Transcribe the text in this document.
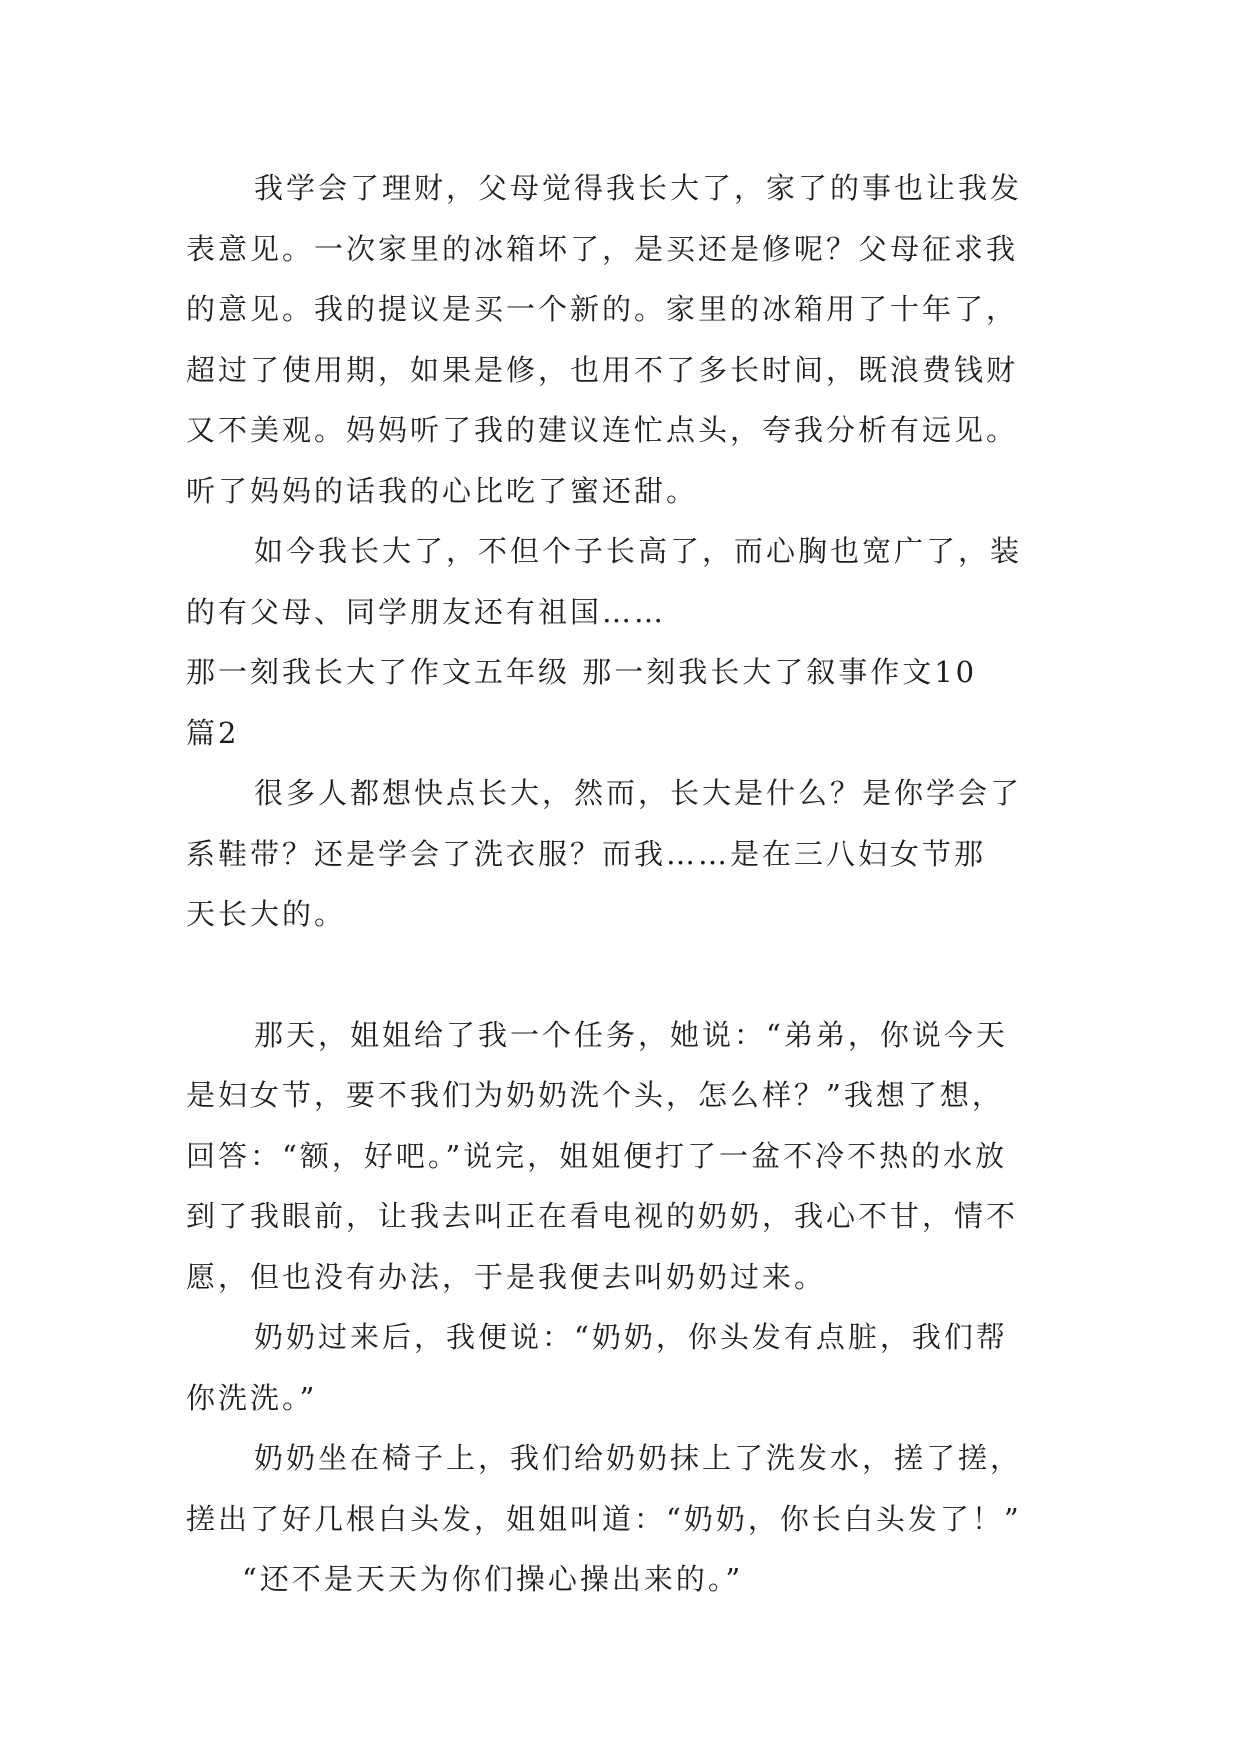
我学会了理财，父母觉得我长大了，家了的事也让我发
表意见。一次家里的冰箱坏了，是买还是修呢？父母征求我
的意见。我的提议是买一个新的。家里的冰箱用了十年了，
超过了使用期，如果是修，也用不了多长时间，既浪费钱财
又不美观。妈妈听了我的建议连忙点头，夸我分析有远见。
听了妈妈的话我的心比吃了蜜还甜。
如今我长大了，不但个子长高了，而心胸也宽广了，装
的有父母、同学朋友还有祖国……
那一刻我长大了作文五年级 那一刻我长大了叙事作文10
篇2
很多人都想快点长大，然而，长大是什么？是你学会了
系鞋带？还是学会了洗衣服？而我……是在三八妇女节那
天长大的。
那天，姐姐给了我一个任务，她说：“弟弟，你说今天
是妇女节，要不我们为奶奶洗个头，怎么样？”我想了想，
回答：“额，好吧。”说完，姐姐便打了一盆不冷不热的水放
到了我眼前，让我去叫正在看电视的奶奶，我心不甘，情不
愿，但也没有办法，于是我便去叫奶奶过来。
奶奶过来后，我便说：“奶奶，你头发有点脏，我们帮
你洗洗。”
奶奶坐在椅子上，我们给奶奶抹上了洗发水，搓了搓，
搓出了好几根白头发，姐姐叫道：“奶奶，你长白头发了！”
“还不是天天为你们操心操出来的。”
